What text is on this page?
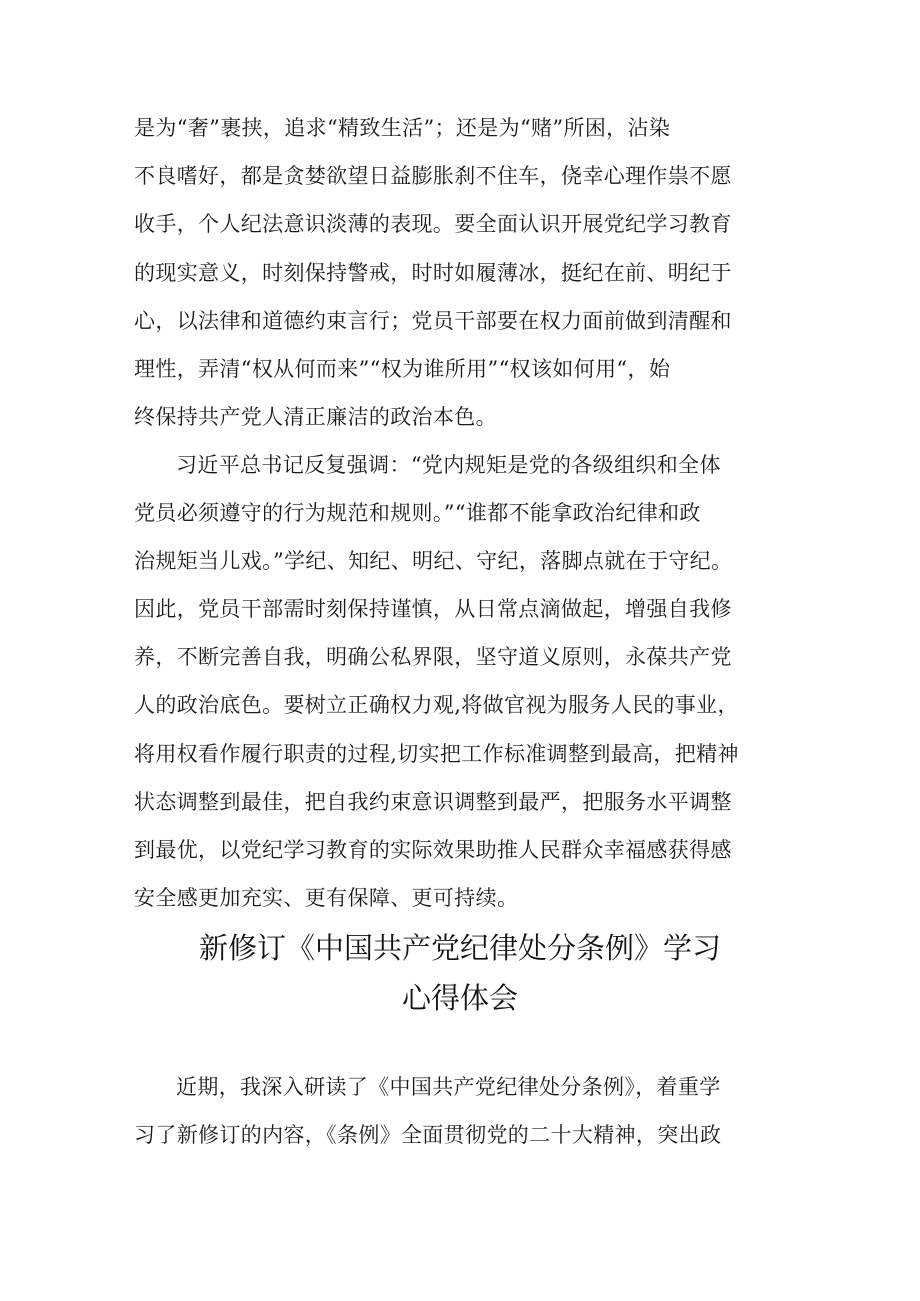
是为“奢”裹挟，追求“精致生活”；还是为“赌”所困，沾染
不良嗜好，都是贪婪欲望日益膨胀刹不住车，侥幸心理作祟不愿
收手，个人纪法意识淡薄的表现。要全面认识开展党纪学习教育
的现实意义，时刻保持警戒，时时如履薄冰，挺纪在前、明纪于
心，以法律和道德约束言行；党员干部要在权力面前做到清醒和
理性，弄清“权从何而来”“权为谁所用”“权该如何用“，始
终保持共产党人清正廉洁的政治本色。
习近平总书记反复强调：“党内规矩是党的各级组织和全体
党员必须遵守的行为规范和规则。”“谁都不能拿政治纪律和政
治规矩当儿戏。”学纪、知纪、明纪、守纪，落脚点就在于守纪。
因此，党员干部需时刻保持谨慎，从日常点滴做起，增强自我修
养，不断完善自我，明确公私界限，坚守道义原则，永葆共产党
人的政治底色。要树立正确权力观,将做官视为服务人民的事业，
将用权看作履行职责的过程,切实把工作标准调整到最高，把精神
状态调整到最佳，把自我约束意识调整到最严，把服务水平调整
到最优，以党纪学习教育的实际效果助推人民群众幸福感获得感
安全感更加充实、更有保障、更可持续。
新修订《中国共产党纪律处分条例》学习
心得体会
近期，我深入研读了《中国共产党纪律处分条例》，着重学
习了新修订的内容，《条例》全面贯彻党的二十大精神，突出政
